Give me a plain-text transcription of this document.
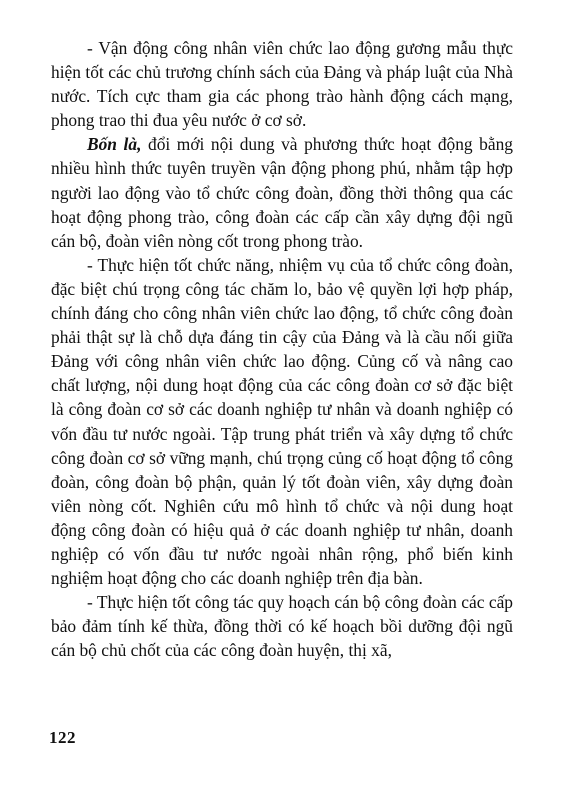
- Vận động công nhân viên chức lao động gương mẫu thực hiện tốt các chủ trương chính sách của Đảng và pháp luật của Nhà nước. Tích cực tham gia các phong trào hành động cách mạng, phong trao thi đua yêu nước ở cơ sở.

Bốn là, đổi mới nội dung và phương thức hoạt động bằng nhiều hình thức tuyên truyền vận động phong phú, nhằm tập hợp người lao động vào tổ chức công đoàn, đồng thời thông qua các hoạt động phong trào, công đoàn các cấp cần xây dựng đội ngũ cán bộ, đoàn viên nòng cốt trong phong trào.

- Thực hiện tốt chức năng, nhiệm vụ của tổ chức công đoàn, đặc biệt chú trọng công tác chăm lo, bảo vệ quyền lợi hợp pháp, chính đáng cho công nhân viên chức lao động, tổ chức công đoàn phải thật sự là chỗ dựa đáng tin cậy của Đảng và là cầu nối giữa Đảng với công nhân viên chức lao động. Củng cố và nâng cao chất lượng, nội dung hoạt động của các công đoàn cơ sở đặc biệt là công đoàn cơ sở các doanh nghiệp tư nhân và doanh nghiệp có vốn đầu tư nước ngoài. Tập trung phát triển và xây dựng tổ chức công đoàn cơ sở vững mạnh, chú trọng củng cố hoạt động tổ công đoàn, công đoàn bộ phận, quản lý tốt đoàn viên, xây dựng đoàn viên nòng cốt. Nghiên cứu mô hình tổ chức và nội dung hoạt động công đoàn có hiệu quả ở các doanh nghiệp tư nhân, doanh nghiệp có vốn đầu tư nước ngoài nhân rộng, phổ biến kinh nghiệm hoạt động cho các doanh nghiệp trên địa bàn.

- Thực hiện tốt công tác quy hoạch cán bộ công đoàn các cấp bảo đảm tính kế thừa, đồng thời có kế hoạch bồi dưỡng đội ngũ cán bộ chủ chốt của các công đoàn huyện, thị xã,

122
